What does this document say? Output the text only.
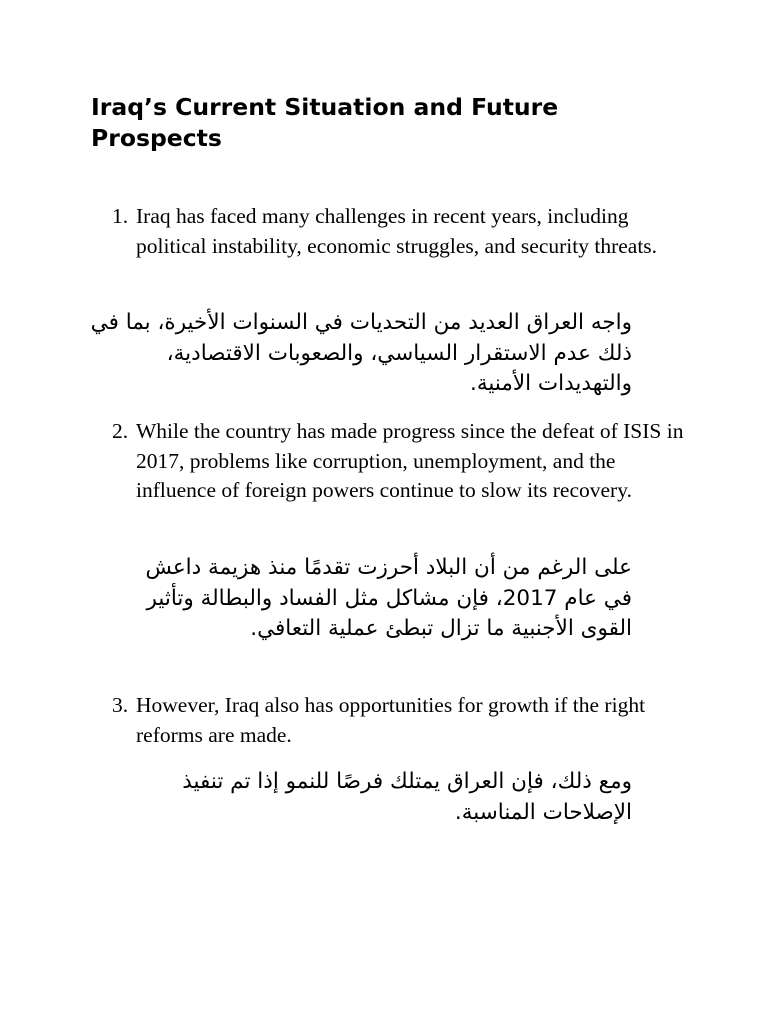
Iraq’s Current Situation and Future Prospects
1. Iraq has faced many challenges in recent years, including political instability, economic struggles, and security threats.
واجه العراق العديد من التحديات في السنوات الأخيرة، بما في ذلك عدم الاستقرار السياسي، والصعوبات الاقتصادية، والتهديدات الأمنية.
2. While the country has made progress since the defeat of ISIS in 2017, problems like corruption, unemployment, and the influence of foreign powers continue to slow its recovery.
على الرغم من أن البلاد أحرزت تقدمًا منذ هزيمة داعش في عام 2017، فإن مشاكل مثل الفساد والبطالة وتأثير القوى الأجنبية ما تزال تبطئ عملية التعافي.
3. However, Iraq also has opportunities for growth if the right reforms are made.
ومع ذلك، فإن العراق يمتلك فرصًا للنمو إذا تم تنفيذ الإصلاحات المناسبة.
